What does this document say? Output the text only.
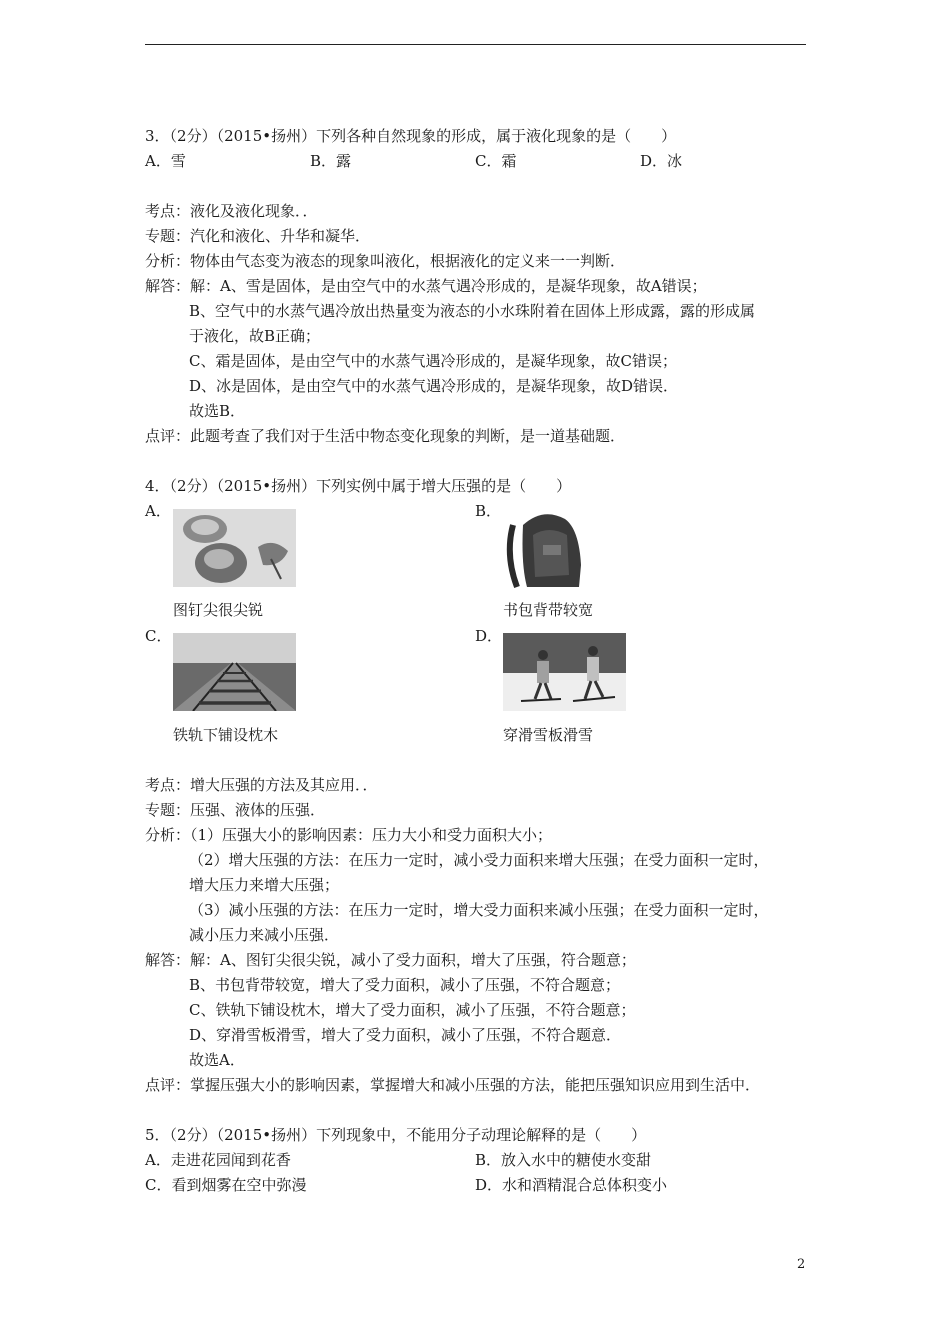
3．（2分）（2015•扬州）下列各种自然现象的形成，属于液化现象的是（　　）
A．雪	B．露	C．霜	D．冰
考点：液化及液化现象．．
专题：汽化和液化、升华和凝华．
分析：物体由气态变为液态的现象叫液化，根据液化的定义来一一判断．
解答：解：A、雪是固体，是由空气中的水蒸气遇冷形成的，是凝华现象，故A错误；
B、空气中的水蒸气遇冷放出热量变为液态的小水珠附着在固体上形成露，露的形成属
于液化，故B正确；
C、霜是固体，是由空气中的水蒸气遇冷形成的，是凝华现象，故C错误；
D、冰是固体，是由空气中的水蒸气遇冷形成的，是凝华现象，故D错误．
故选B．
点评：此题考查了我们对于生活中物态变化现象的判断，是一道基础题．
4．（2分）（2015•扬州）下列实例中属于增大压强的是（　　）
A．
图钉尖很尖锐
B．
书包背带较宽
C．
铁轨下铺设枕木
D．
穿滑雪板滑雪
考点：增大压强的方法及其应用．．
专题：压强、液体的压强．
分析：（1）压强大小的影响因素：压力大小和受力面积大小；
（2）增大压强的方法：在压力一定时，减小受力面积来增大压强；在受力面积一定时，
增大压力来增大压强；
（3）减小压强的方法：在压力一定时，增大受力面积来减小压强；在受力面积一定时，
减小压力来减小压强．
解答：解：A、图钉尖很尖锐，减小了受力面积，增大了压强，符合题意；
B、书包背带较宽，增大了受力面积，减小了压强，不符合题意；
C、铁轨下铺设枕木，增大了受力面积，减小了压强，不符合题意；
D、穿滑雪板滑雪，增大了受力面积，减小了压强，不符合题意．
故选A．
点评：掌握压强大小的影响因素，掌握增大和减小压强的方法，能把压强知识应用到生活中．
5．（2分）（2015•扬州）下列现象中，不能用分子动理论解释的是（　　）
A．走进花园闻到花香	B．放入水中的糖使水变甜
C．看到烟雾在空中弥漫	D．水和酒精混合总体积变小
2
